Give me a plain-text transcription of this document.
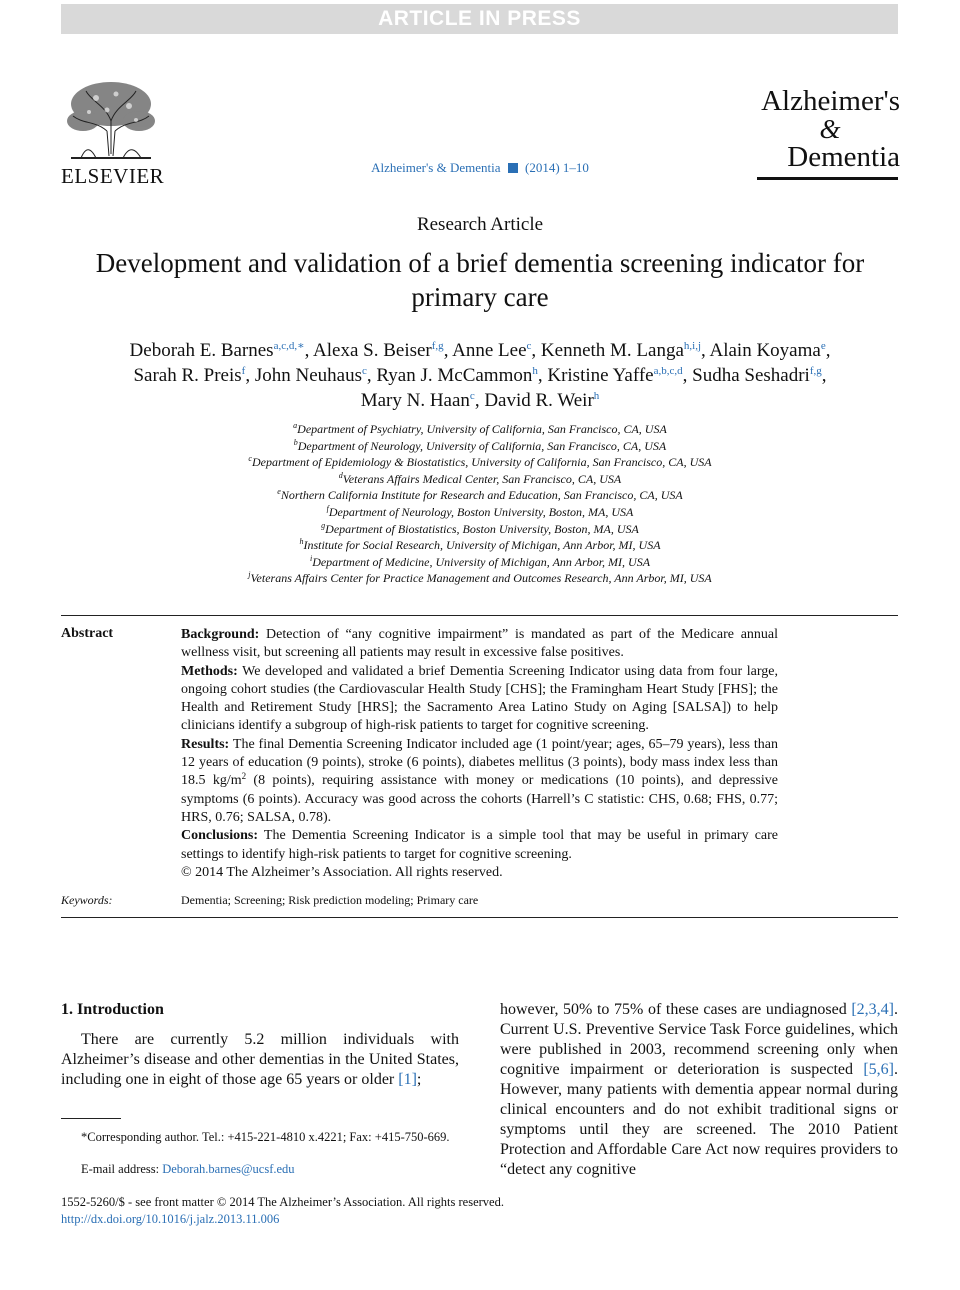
ARTICLE IN PRESS
ELSEVIER	Alzheimer's & Dementia (2014) 1–10
Alzheimer's
&
Dementia
Research Article
Development and validation of a brief dementia screening indicator for primary care
Deborah E. Barnes$^{a,c,d,∗}$, Alexa S. Beiser$^{f,g}$, Anne Lee$^c$, Kenneth M. Langa$^{h,i,j}$, Alain Koyama$^e$,
Sarah R. Preis$^f$, John Neuhaus$^c$, Ryan J. McCammon$^h$, Kristine Yaffe$^{a,b,c,d}$, Sudha Seshadri$^{f,g}$,
Mary N. Haan$^c$, David R. Weir$^h$
$^a$Department of Psychiatry, University of California, San Francisco, CA, USA
$^b$Department of Neurology, University of California, San Francisco, CA, USA
$^c$Department of Epidemiology & Biostatistics, University of California, San Francisco, CA, USA
$^d$Veterans Affairs Medical Center, San Francisco, CA, USA
$^e$Northern California Institute for Research and Education, San Francisco, CA, USA
$^f$Department of Neurology, Boston University, Boston, MA, USA
$^g$Department of Biostatistics, Boston University, Boston, MA, USA
$^h$Institute for Social Research, University of Michigan, Ann Arbor, MI, USA
$^i$Department of Medicine, University of Michigan, Ann Arbor, MI, USA
$^j$Veterans Affairs Center for Practice Management and Outcomes Research, Ann Arbor, MI, USA
Abstract	Background: Detection of “any cognitive impairment” is mandated as part of the Medicare annual wellness visit, but screening all patients may result in excessive false positives.

Methods: We developed and validated a brief Dementia Screening Indicator using data from four large, ongoing cohort studies (the Cardiovascular Health Study [CHS]; the Framingham Heart Study [FHS]; the Health and Retirement Study [HRS]; the Sacramento Area Latino Study on Aging [SALSA]) to help clinicians identify a subgroup of high-risk patients to target for cognitive screening.

Results: The final Dementia Screening Indicator included age (1 point/year; ages, 65–79 years), less than 12 years of education (9 points), stroke (6 points), diabetes mellitus (3 points), body mass index less than 18.5 $kg/m^2$ (8 points), requiring assistance with money or medications (10 points), and depressive symptoms (6 points). Accuracy was good across the cohorts (Harrell’s C statistic: CHS, 0.68; FHS, 0.77; HRS, 0.76; SALSA, 0.78).

Conclusions: The Dementia Screening Indicator is a simple tool that may be useful in primary care settings to identify high-risk patients to target for cognitive screening.

© 2014 The Alzheimer’s Association. All rights reserved.

Keywords:	Dementia; Screening; Risk prediction modeling; Primary care
1. Introduction
There are currently 5.2 million individuals with Alzheimer’s disease and other dementias in the United States, including one in eight of those age 65 years or older [1];
however, 50% to 75% of these cases are undiagnosed [2,3,4]. Current U.S. Preventive Service Task Force guidelines, which were published in 2003, recommend screening only when cognitive impairment or deterioration is suspected [5,6]. However, many patients with dementia appear normal during clinical encounters and do not exhibit traditional signs or symptoms until they are screened. The 2010 Patient Protection and Affordable Care Act now requires providers to “detect any cognitive
*Corresponding author. Tel.: +415-221-4810 x.4221; Fax: +415-750-669.
E-mail address: Deborah.barnes@ucsf.edu
1552-5260/$ - see front matter © 2014 The Alzheimer’s Association. All rights reserved.
http://dx.doi.org/10.1016/j.jalz.2013.11.006
